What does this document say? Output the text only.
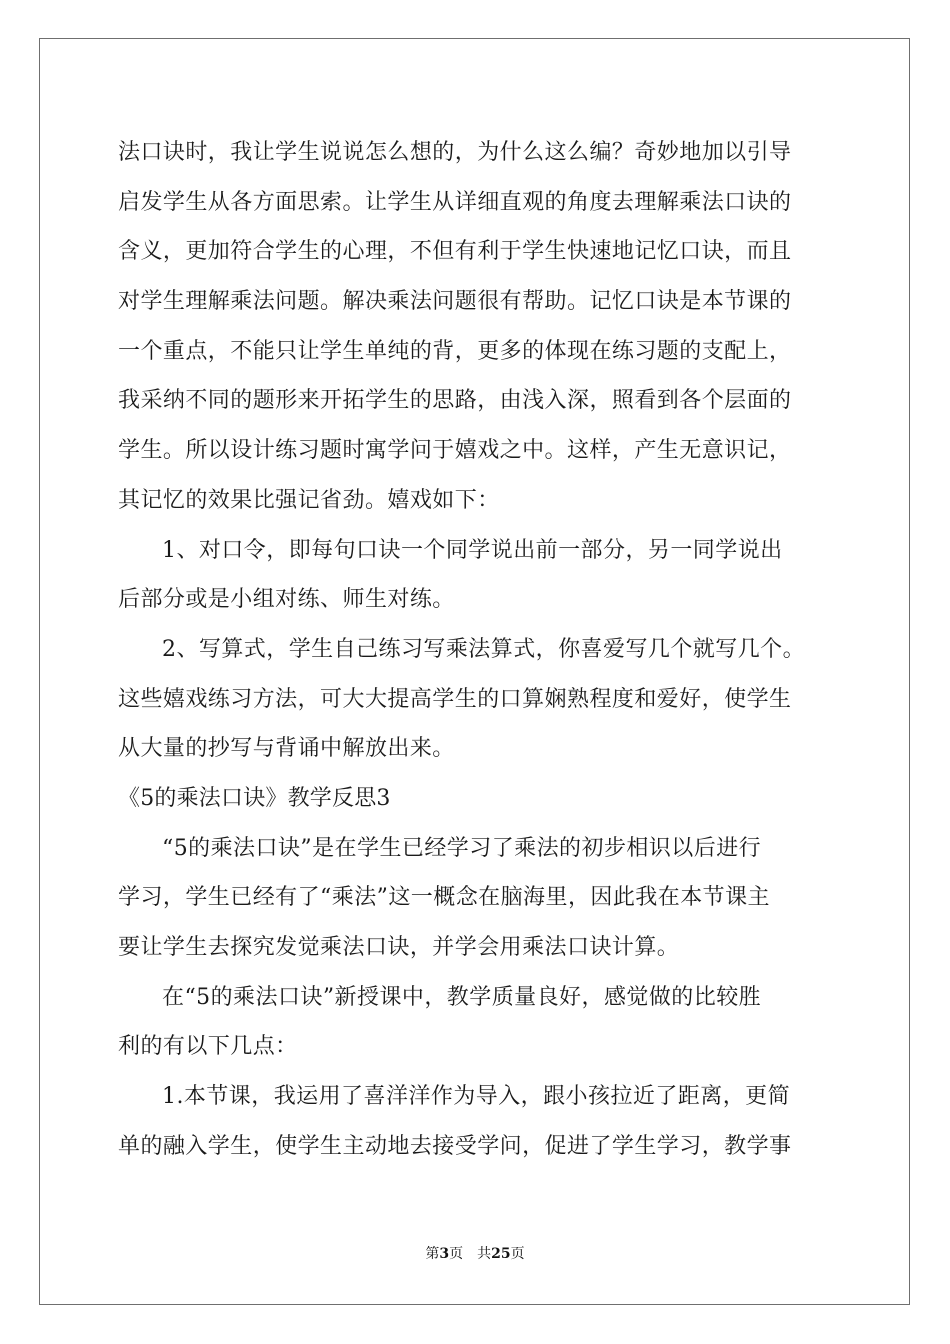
法口诀时，我让学生说说怎么想的，为什么这么编？奇妙地加以引导
启发学生从各方面思索。让学生从详细直观的角度去理解乘法口诀的
含义，更加符合学生的心理，不但有利于学生快速地记忆口诀，而且
对学生理解乘法问题。解决乘法问题很有帮助。记忆口诀是本节课的
一个重点，不能只让学生单纯的背，更多的体现在练习题的支配上，
我采纳不同的题形来开拓学生的思路，由浅入深，照看到各个层面的
学生。所以设计练习题时寓学问于嬉戏之中。这样，产生无意识记，
其记忆的效果比强记省劲。嬉戏如下：
1、对口令，即每句口诀一个同学说出前一部分，另一同学说出
后部分或是小组对练、师生对练。
2、写算式，学生自己练习写乘法算式，你喜爱写几个就写几个。
这些嬉戏练习方法，可大大提高学生的口算娴熟程度和爱好，使学生
从大量的抄写与背诵中解放出来。
《5的乘法口诀》教学反思3
“5的乘法口诀”是在学生已经学习了乘法的初步相识以后进行
学习，学生已经有了“乘法”这一概念在脑海里，因此我在本节课主
要让学生去探究发觉乘法口诀，并学会用乘法口诀计算。
在“5的乘法口诀”新授课中，教学质量良好，感觉做的比较胜
利的有以下几点：
1.本节课，我运用了喜洋洋作为导入，跟小孩拉近了距离，更简
单的融入学生，使学生主动地去接受学问，促进了学生学习，教学事
第3页 共25页
